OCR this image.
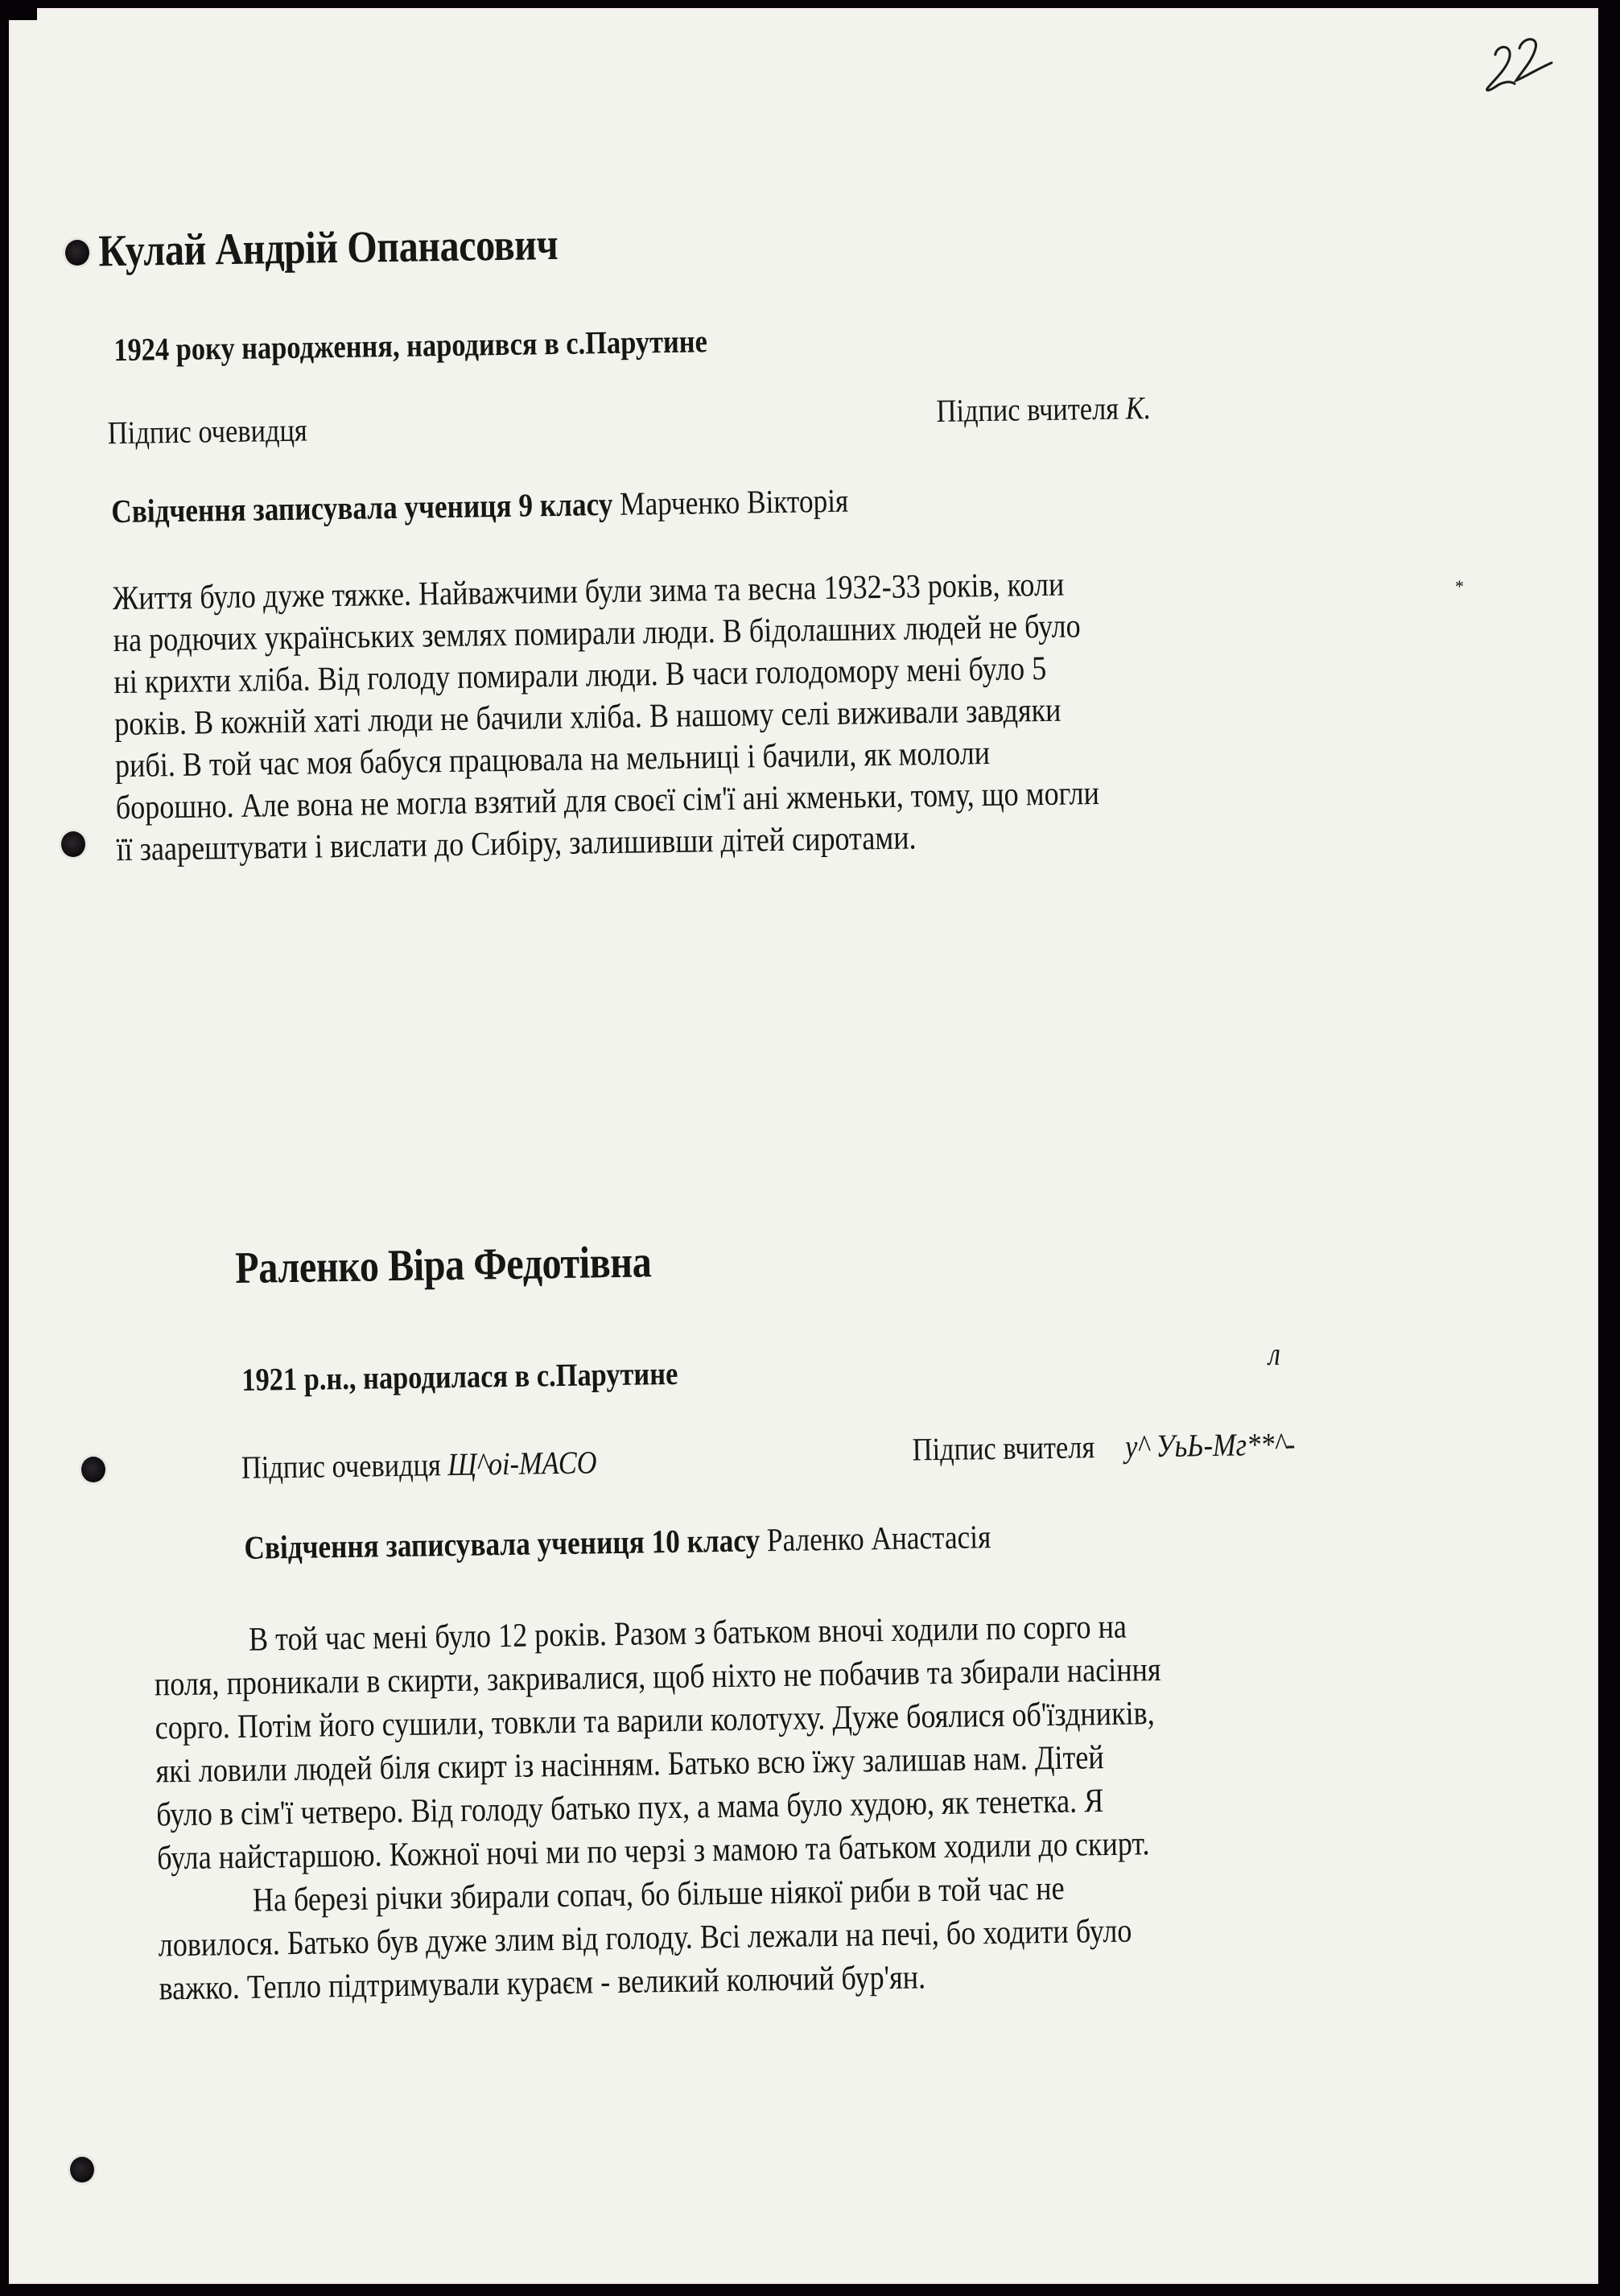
*
Кулай Андрій Опанасович
1924 року народження, народився в с.Парутине
Підпис очевидця
Підпис вчителя К.
Свідчення записувала учениця 9 класу Марченко Вікторія
Життя було дуже тяжке. Найважчими були зима та весна 1932-33 років, коли
на родючих українських землях помирали люди. В бідолашних людей не було
ні крихти хліба. Від голоду помирали люди. В часи голодомору мені було 5
років. В кожній хаті люди не бачили хліба. В нашому селі виживали завдяки
рибі. В той час моя бабуся працювала на мельниці і бачили, як мололи
борошно. Але вона не могла взятий для своєї сім'ї ані жменьки, тому, що могли
її заарештувати і вислати до Сибіру, залишивши дітей сиротами.
Раленко Віра Федотівна
1921 р.н., народилася в с.Парутине
л
Підпис очевидця Щ^оі-МАСО	Підпис вчителя у^ УьЬ-Мг**^-
Свідчення записувала учениця 10 класу Раленко Анастасія
В той час мені було 12 років. Разом з батьком вночі ходили по сорго на
поля, проникали в скирти, закривалися, щоб ніхто не побачив та збирали насіння
сорго. Потім його сушили, товкли та варили колотуху. Дуже боялися об'їздників,
які ловили людей біля скирт із насінням. Батько всю їжу залишав нам. Дітей
було в сім'ї четверо. Від голоду батько пух, а мама було худою, як тенетка. Я
була найстаршою. Кожної ночі ми по черзі з мамою та батьком ходили до скирт.
На березі річки збирали сопач, бо більше ніякої риби в той час не
ловилося. Батько був дуже злим від голоду. Всі лежали на печі, бо ходити було
важко. Тепло підтримували кураєм - великий колючий бур'ян.
